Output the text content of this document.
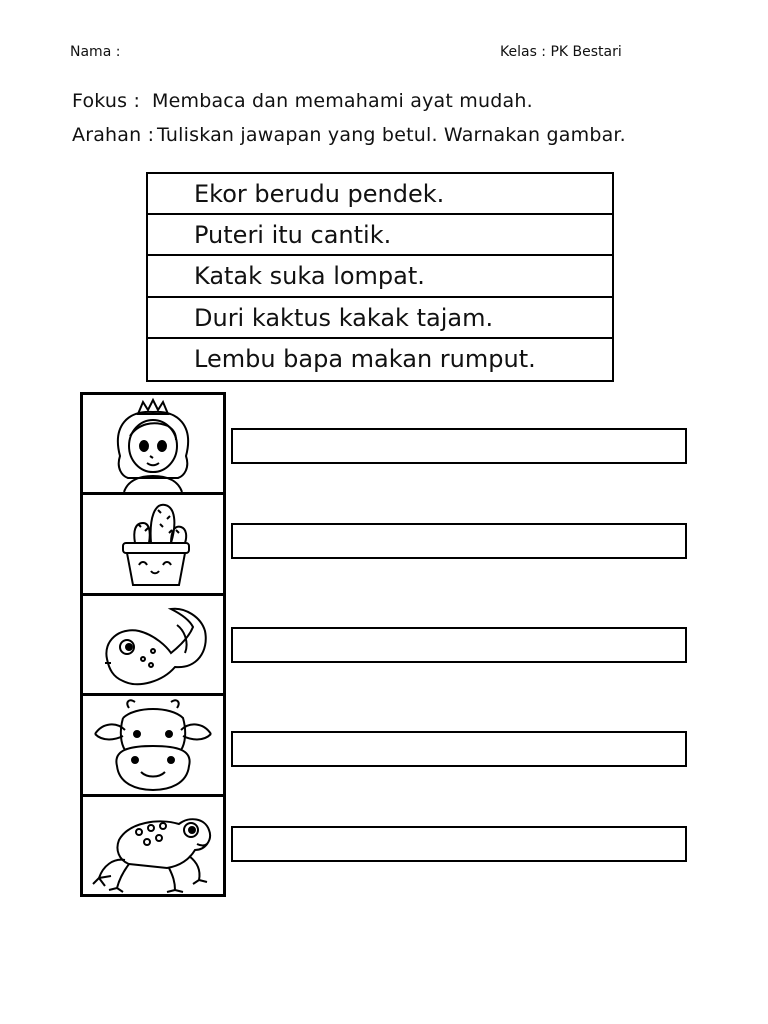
Nama :	Kelas : PK Bestari
Fokus : Membaca dan memahami ayat mudah.
Arahan : Tuliskan jawapan yang betul. Warnakan gambar.
Ekor berudu pendek.
Puteri itu cantik.
Katak suka lompat.
Duri kaktus kakak tajam.
Lembu bapa makan rumput.
